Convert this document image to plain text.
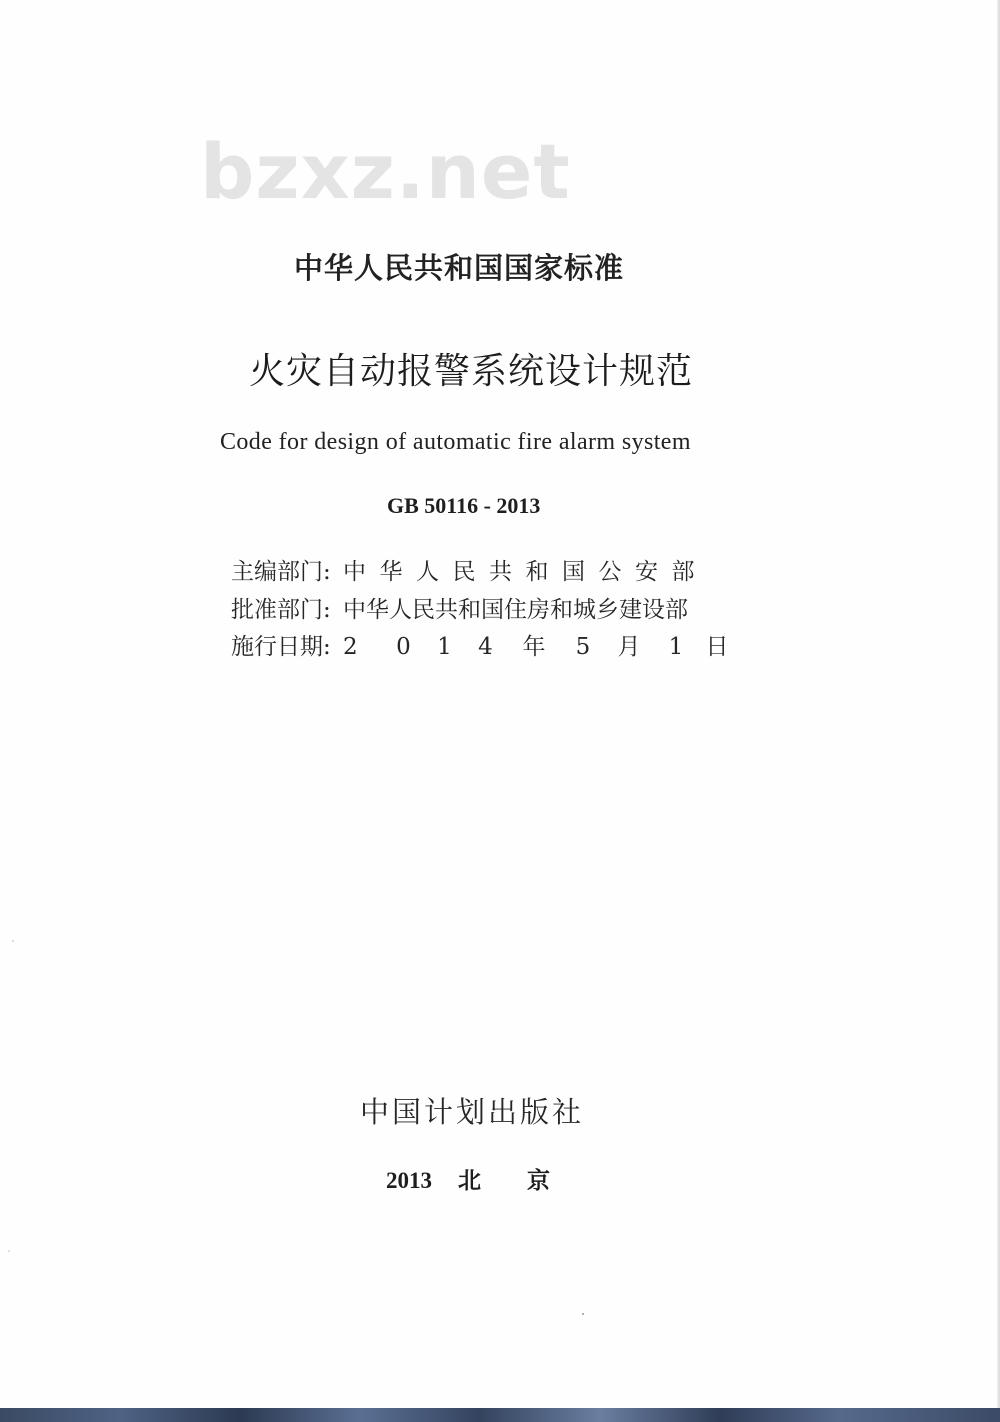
bzxz.net
中华人民共和国国家标准
火灾自动报警系统设计规范
Code for design of automatic fire alarm system
GB 50116 - 2013
主编部门: 中华人民共和国公安部
批准部门: 中华人民共和国住房和城乡建设部
施行日期: 2 0 1 4 年 5 月 1 日
中国计划出版社
2013 北京
